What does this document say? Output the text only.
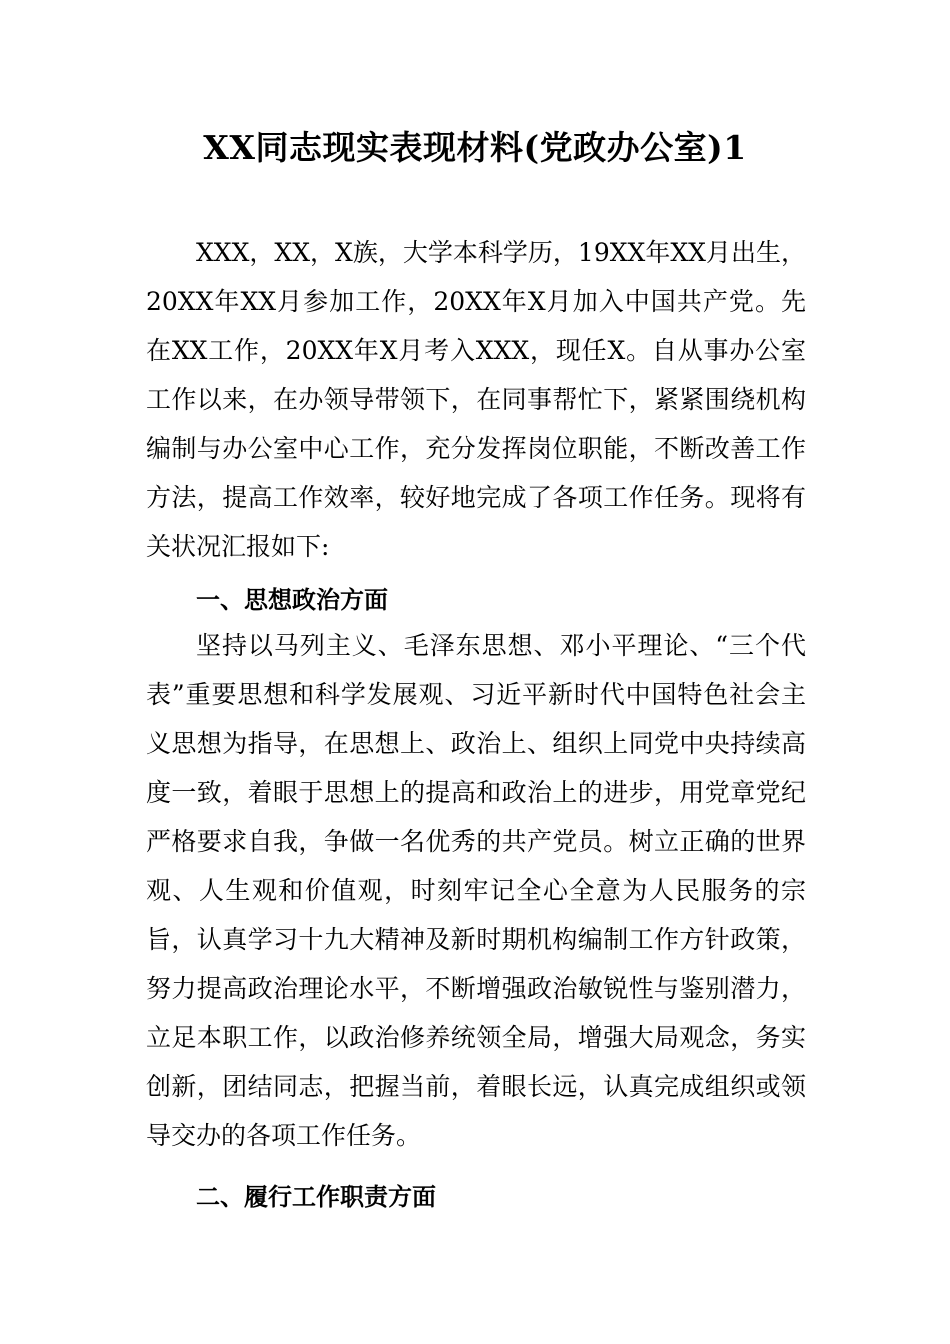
XX同志现实表现材料(党政办公室)1

XXX，XX，X族，大学本科学历，19XX年XX月出生，20XX年XX月参加工作，20XX年X月加入中国共产党。先在XX工作，20XX年X月考入XXX，现任X。自从事办公室工作以来，在办领导带领下，在同事帮忙下，紧紧围绕机构编制与办公室中心工作，充分发挥岗位职能，不断改善工作方法，提高工作效率，较好地完成了各项工作任务。现将有关状况汇报如下:

一、思想政治方面

坚持以马列主义、毛泽东思想、邓小平理论、“三个代表”重要思想和科学发展观、习近平新时代中国特色社会主义思想为指导，在思想上、政治上、组织上同党中央持续高度一致，着眼于思想上的提高和政治上的进步，用党章党纪严格要求自我，争做一名优秀的共产党员。树立正确的世界观、人生观和价值观，时刻牢记全心全意为人民服务的宗旨，认真学习十九大精神及新时期机构编制工作方针政策，努力提高政治理论水平，不断增强政治敏锐性与鉴别潜力，立足本职工作，以政治修养统领全局，增强大局观念，务实创新，团结同志，把握当前，着眼长远，认真完成组织或领导交办的各项工作任务。

二、履行工作职责方面
